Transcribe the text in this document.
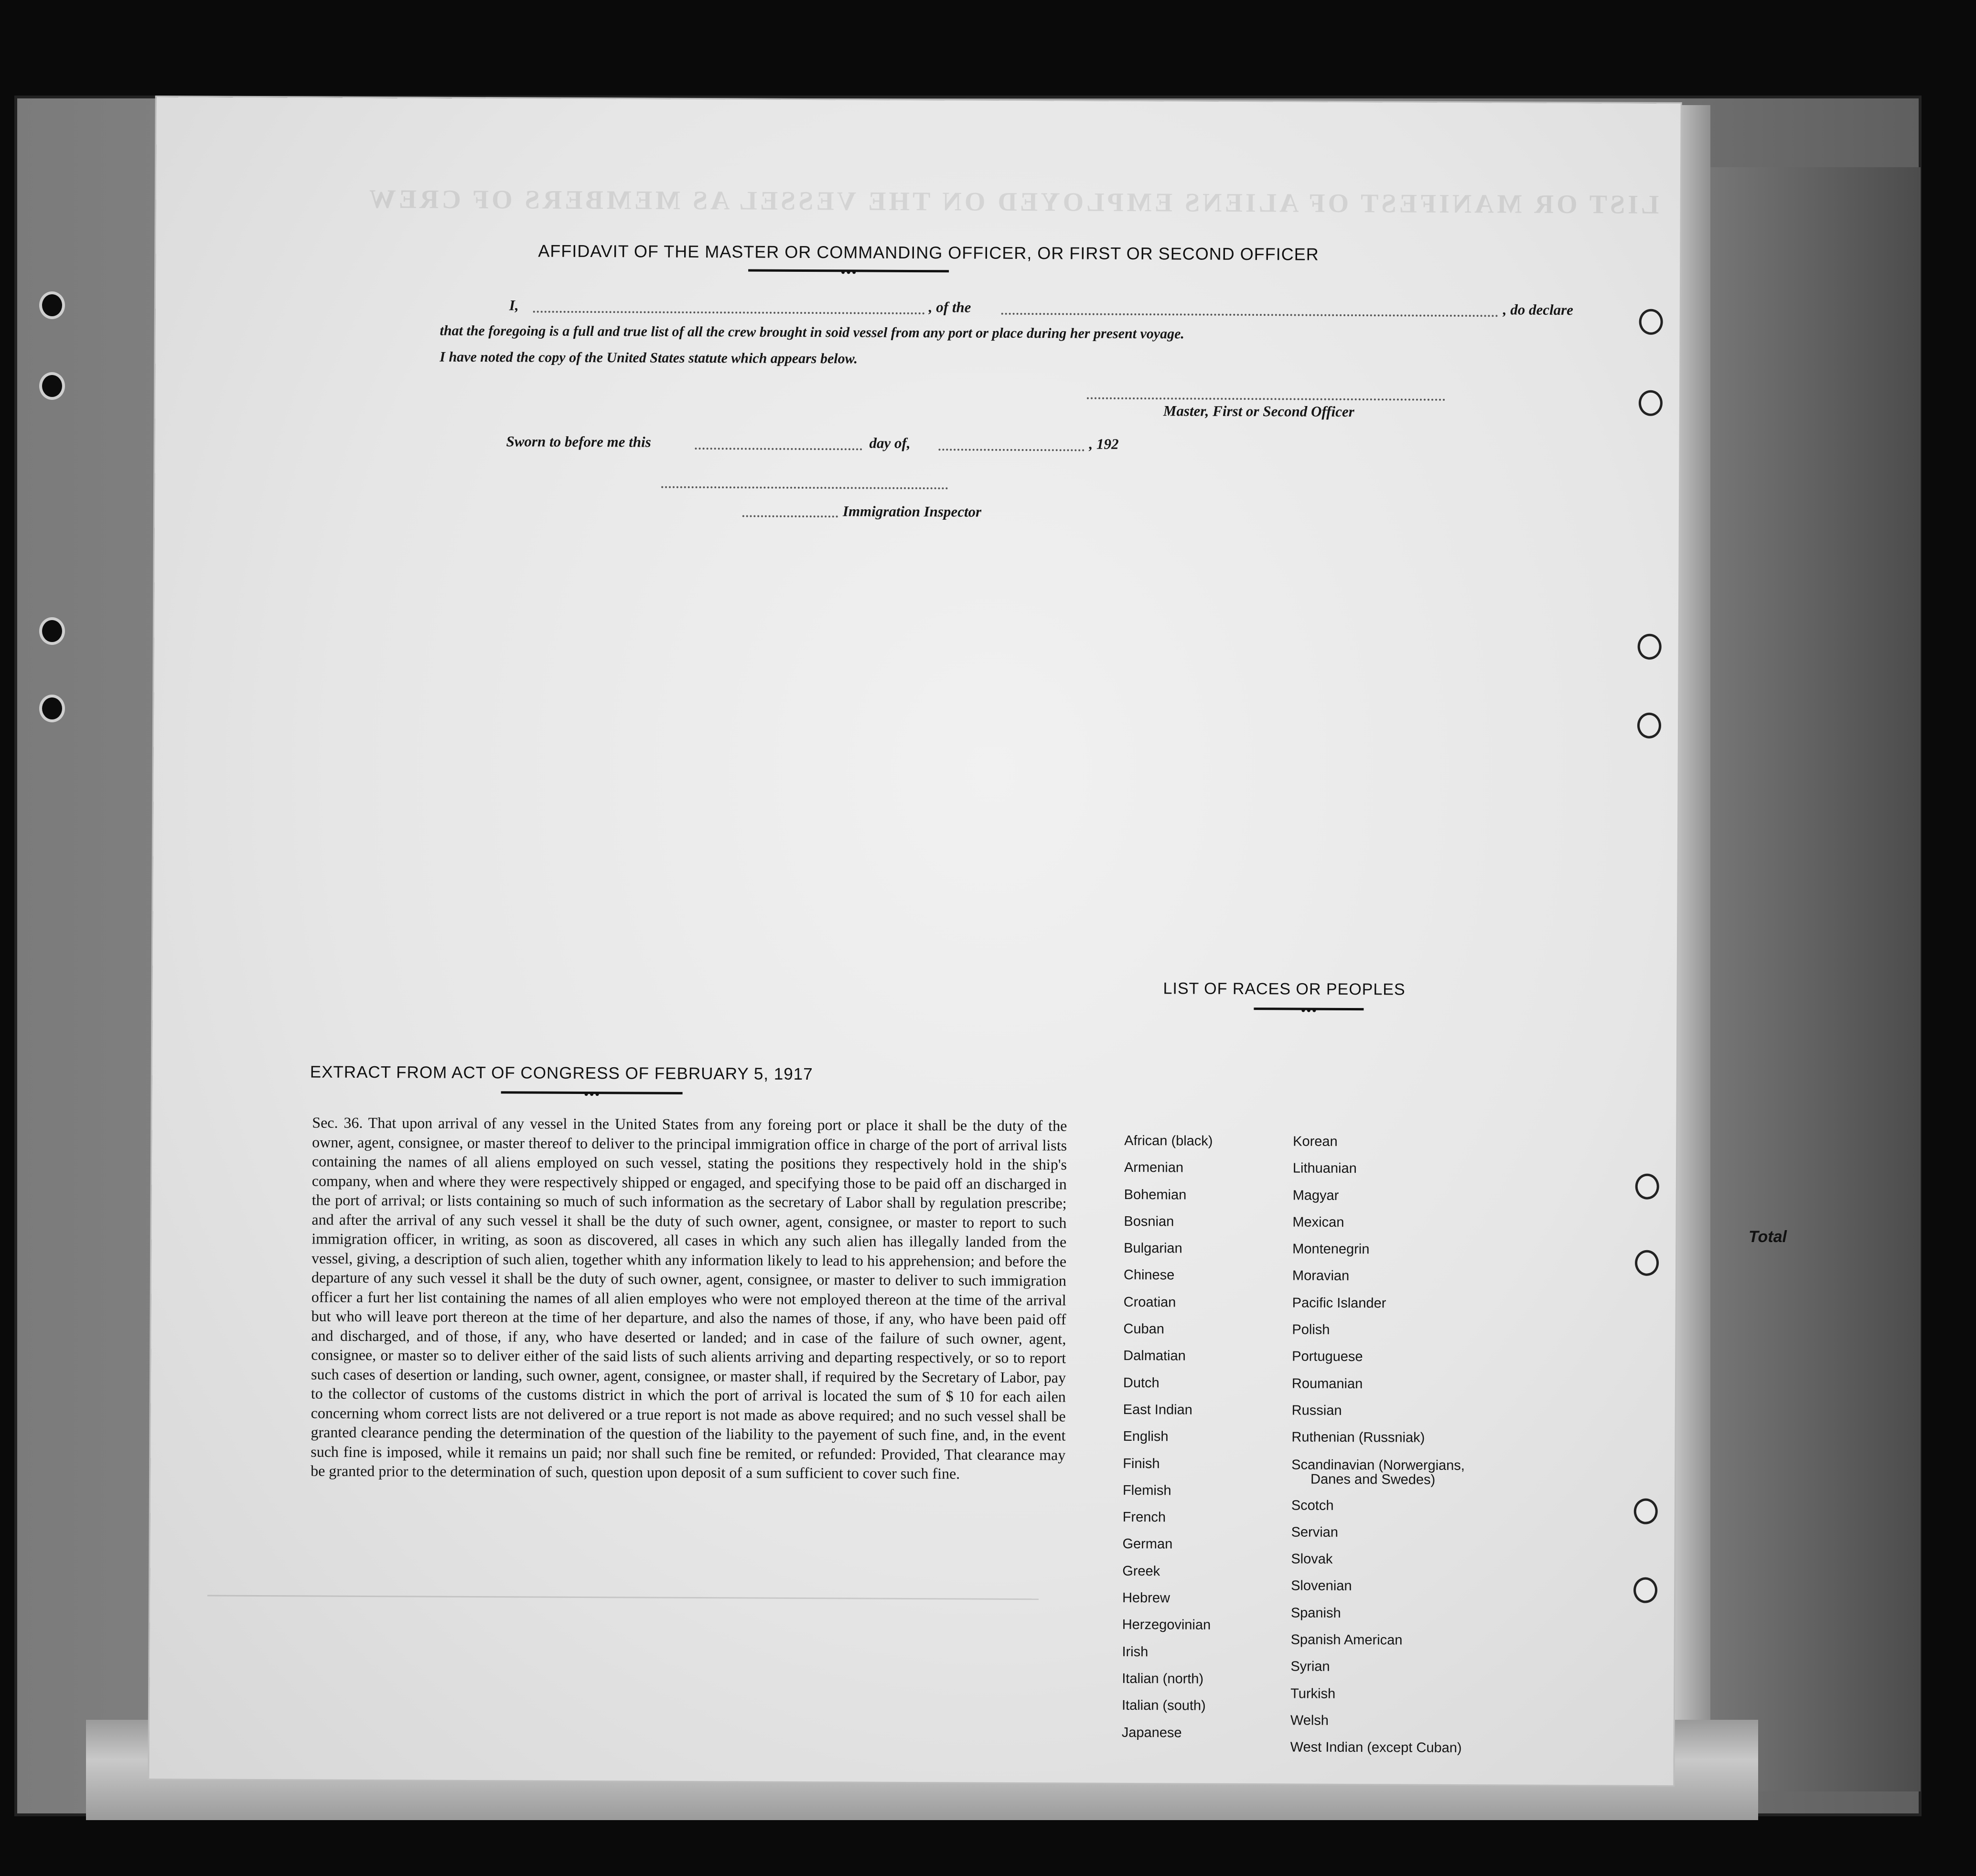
Total
LIST OR MANIFEST OF ALIENS EMPLOYED ON THE VESSEL AS MEMBERS OF CREW
AFFIDAVIT OF THE MASTER OR COMMANDING OFFICER, OR FIRST OR SECOND OFFICER
I,	, of the	, do declare
that the foregoing is a full and true list of all the crew brought in soid vessel from any port or place during her present voyage.
I have noted the copy of the United States statute which appears below.
Master, First or Second Officer
Sworn to before me this	day of,	, 192
Immigration Inspector
LIST OF RACES OR PEOPLES
African (black)
Armenian
Bohemian
Bosnian
Bulgarian
Chinese
Croatian
Cuban
Dalmatian
Dutch
East Indian
English
Finish
Flemish
French
German
Greek
Hebrew
Herzegovinian
Irish
Italian (north)
Italian (south)
Japanese
Korean
Lithuanian
Magyar
Mexican
Montenegrin
Moravian
Pacific Islander
Polish
Portuguese
Roumanian
Russian
Ruthenian (Russniak)
Scandinavian (Norwergians,
Danes and Swedes)
Scotch
Servian
Slovak
Slovenian
Spanish
Spanish American
Syrian
Turkish
Welsh
West Indian (except Cuban)
EXTRACT FROM ACT OF CONGRESS OF FEBRUARY 5, 1917
Sec. 36. That upon arrival of any vessel in the United States from any foreing port or place it shall be the duty of the owner, agent, consignee, or master thereof to deliver to the principal immigration office in charge of the port of arrival lists containing the names of all aliens employed on such vessel, stating the positions they respectively hold in the ship's company, when and where they were respectively shipped or engaged, and specifying those to be paid off an discharged in the port of arrival; or lists containing so much of such information as the secretary of Labor shall by regulation prescribe; and after the arrival of any such vessel it shall be the duty of such owner, agent, consignee, or master to report to such immigration officer, in writing, as soon as discovered, all cases in which any such alien has illegally landed from the vessel, giving, a description of such alien, together whith any information likely to lead to his apprehension; and before the departure of any such vessel it shall be the duty of such owner, agent, consignee, or master to deliver to such immigration officer a furt her list containing the names of all alien employes who were not employed thereon at the time of the arrival but who will leave port thereon at the time of her departure, and also the names of those, if any, who have been paid off and discharged, and of those, if any, who have deserted or landed; and in case of the failure of such owner, agent, consignee, or master so to deliver either of the said lists of such alients arriving and departing respectively, or so to report such cases of desertion or landing, such owner, agent, consignee, or master shall, if required by the Secretary of Labor, pay to the collector of customs of the customs district in which the port of arrival is located the sum of $ 10 for each ailen concerning whom correct lists are not delivered or a true report is not made as above required; and no such vessel shall be granted clearance pending the determination of the question of the liability to the payement of such fine, and, in the event such fine is imposed, while it remains un paid; nor shall such fine be remited, or refunded: Provided, That clearance may be granted prior to the determination of such, question upon deposit of a sum sufficient to cover such fine.
